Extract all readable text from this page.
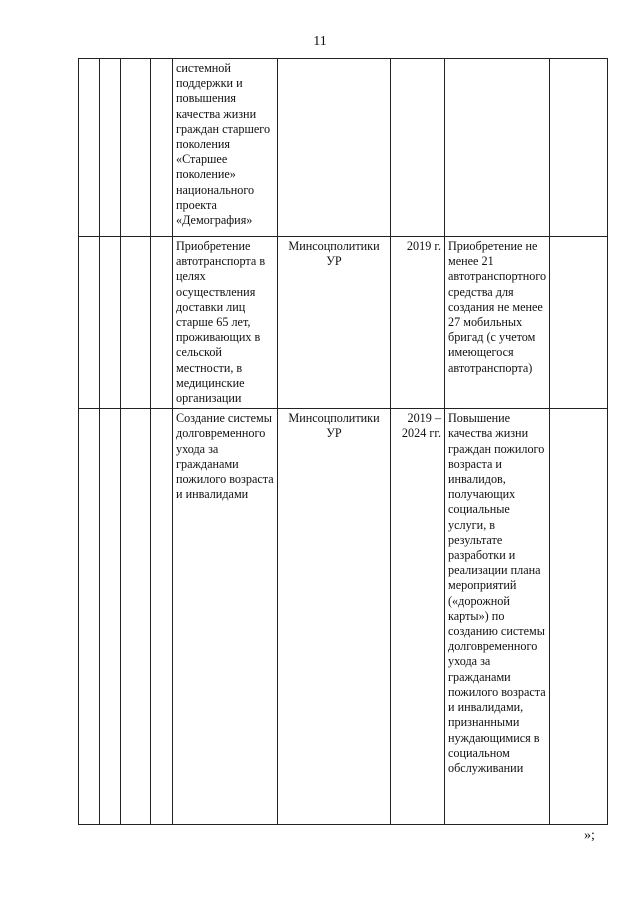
11
				системной поддержки и повышения качества жизни граждан старшего поколения «Старшее поколение» национального проекта «Демография»				
				Приобретение автотранспорта в целях осуществления доставки лиц старше 65 лет, проживающих в сельской местности, в медицинские организации	Минсоцполитики УР	2019 г.	Приобретение не менее 21 автотранспортного средства для создания не менее 27 мобильных бригад (с учетом имеющегося автотранспорта)	
				Создание системы долговременного ухода за гражданами пожилого возраста и инвалидами	Минсоцполитики УР	2019 – 2024 гг.	Повышение качества жизни граждан пожилого возраста и инвалидов, получающих социальные услуги, в результате разработки и реализации плана мероприятий («дорожной карты») по созданию системы долговременного ухода за гражданами пожилого возраста и инвалидами, признанными нуждающимися в социальном обслуживании	
»;
